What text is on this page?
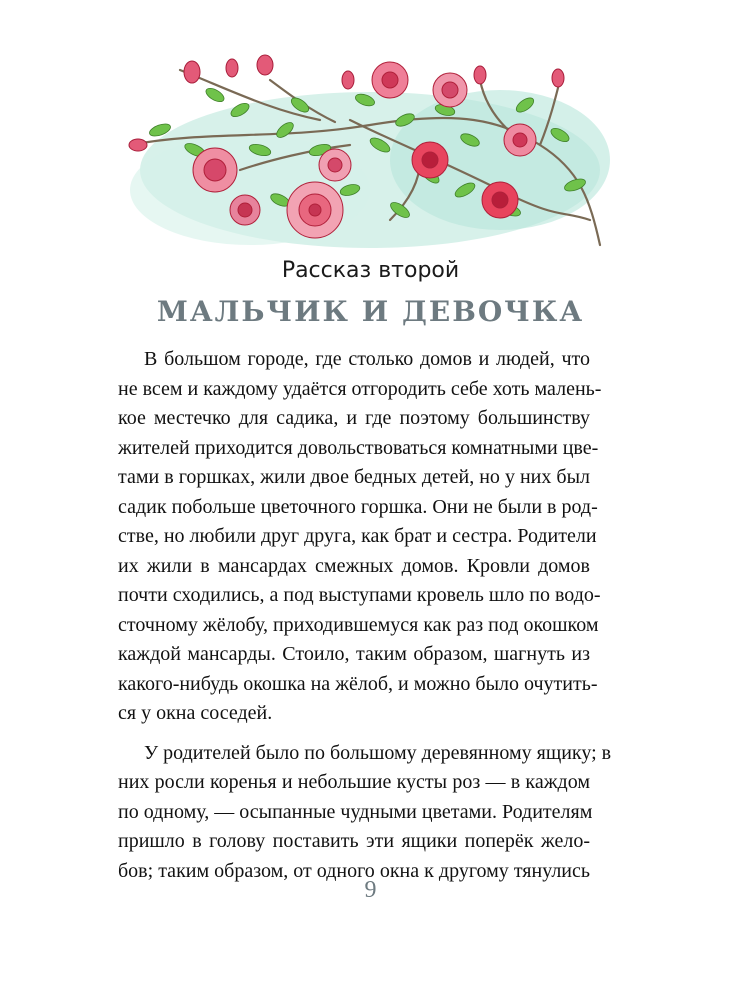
Рассказ второй
МАЛЬЧИК И ДЕВОЧКА
В большом городе, где столько домов и людей, что
не всем и каждому удаётся отгородить себе хоть малень-
кое местечко для садика, и где поэтому большинству
жителей приходится довольствоваться комнатными цве-
тами в горшках, жили двое бедных детей, но у них был
садик побольше цветочного горшка. Они не были в род-
стве, но любили друг друга, как брат и сестра. Родители
их жили в мансардах смежных домов. Кровли домов
почти сходились, а под выступами кровель шло по водо-
сточному жёлобу, приходившемуся как раз под окошком
каждой мансарды. Стоило, таким образом, шагнуть из
какого-нибудь окошка на жёлоб, и можно было очутить-
ся у окна соседей.
У родителей было по большому деревянному ящику; в
них росли коренья и небольшие кусты роз — в каждом
по одному, — осыпанные чудными цветами. Родителям
пришло в голову поставить эти ящики поперёк жело-
бов; таким образом, от одного окна к другому тянулись
9
